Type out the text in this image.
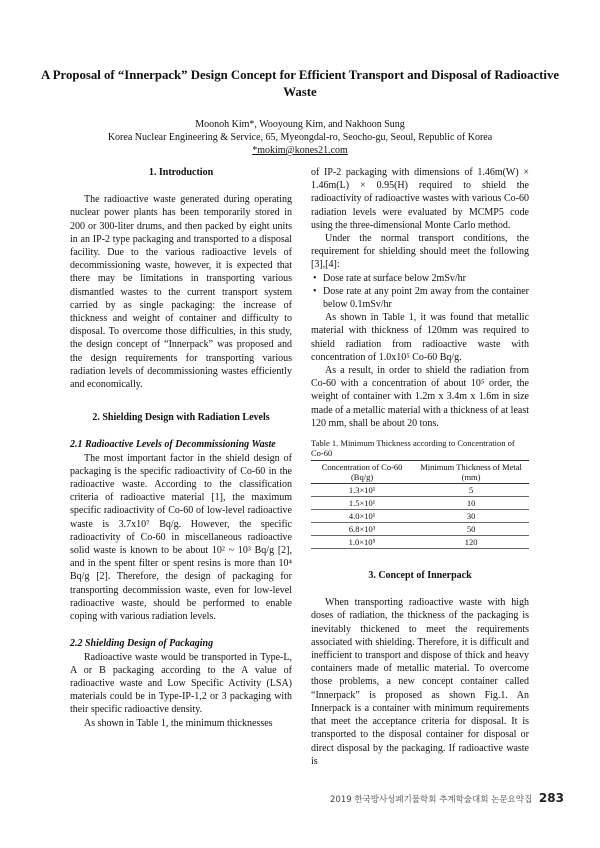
A Proposal of “Innerpack” Design Concept for Efficient Transport and Disposal of Radioactive Waste
Moonoh Kim*, Wooyoung Kim, and Nakhoon Sung
Korea Nuclear Engineering & Service, 65, Myeongdal-ro, Seocho-gu, Seoul, Republic of Korea
*mokim@kones21.com
1. Introduction

The radioactive waste generated during operating nuclear power plants has been temporarily stored in 200 or 300-liter drums, and then packed by eight units in an IP-2 type packaging and transported to a disposal facility. Due to the various radioactive levels of decommissioning waste, however, it is expected that there may be limitations in transporting various dismantled wastes to the current transport system carried by as single packaging: the increase of thickness and weight of container and difficulty to disposal. To overcome those difficulties, in this study, the design concept of “Innerpack” was proposed and the design requirements for transporting various radiation levels of decommissioning wastes efficiently and economically.

2. Shielding Design with Radiation Levels
2.1 Radioactive Levels of Decommissioning Waste

The most important factor in the shield design of packaging is the specific radioactivity of Co-60 in the radioactive waste. According to the classification criteria of radioactive material [1], the maximum specific radioactivity of Co-60 of low-level radioactive waste is 3.7x10⁷ Bq/g. However, the specific radioactivity of Co-60 in miscellaneous radioactive solid waste is known to be about 10² ~ 10³ Bq/g [2], and in the spent filter or spent resins is more than 10⁴ Bq/g [2]. Therefore, the design of packaging for transporting decommission waste, even for low-level radioactive waste, should be performed to enable coping with various radiation levels.

2.2 Shielding Design of Packaging

Radioactive waste would be transported in Type-L, A or B packaging according to the A value of radioactive waste and Low Specific Activity (LSA) materials could be in Type-IP-1,2 or 3 packaging with their specific radioactive density.

As shown in Table 1, the minimum thicknesses

of IP-2 packaging with dimensions of 1.46m(W) × 1.46m(L) × 0.95(H) required to shield the radioactivity of radioactive wastes with various Co-60 radiation levels were evaluated by MCMP5 code using the three-dimensional Monte Carlo method.

Under the normal transport conditions, the requirement for shielding should meet the following [3],[4]:

• Dose rate at surface below 2mSv/hr
• Dose rate at any point 2m away from the container below 0.1mSv/hr

As shown in Table 1, it was found that metallic material with thickness of 120mm was required to shield radiation from radioactive waste with concentration of 1.0x10⁵ Co-60 Bq/g.

As a result, in order to shield the radiation from Co-60 with a concentration of about 10⁵ order, the weight of container with 1.2m x 3.4m x 1.6m in size made of a metallic material with a thickness of at least 120 mm, shall be about 20 tons.

Table 1. Minimum Thickness according to Concentration of Co-60
Concentration of Co-60 (Bq/g)	Minimum Thickness of Metal (mm)
1.3×10¹	5
1.5×10¹	10
4.0×10¹	30
6.8×10³	50
1.0×10⁵	120
3. Concept of Innerpack

When transporting radioactive waste with high doses of radiation, the thickness of the packaging is inevitably thickened to meet the requirements associated with shielding. Therefore, it is difficult and inefficient to transport and dispose of thick and heavy containers made of metallic material. To overcome those problems, a new concept container called “Innerpack” is proposed as shown Fig.1. An Innerpack is a container with minimum requirements that meet the acceptance criteria for disposal. It is transported to the disposal container for disposal or direct disposal by the packaging. If radioactive waste is

2019 한국방사성폐기물학회 추계학술대회 논문요약집 283
